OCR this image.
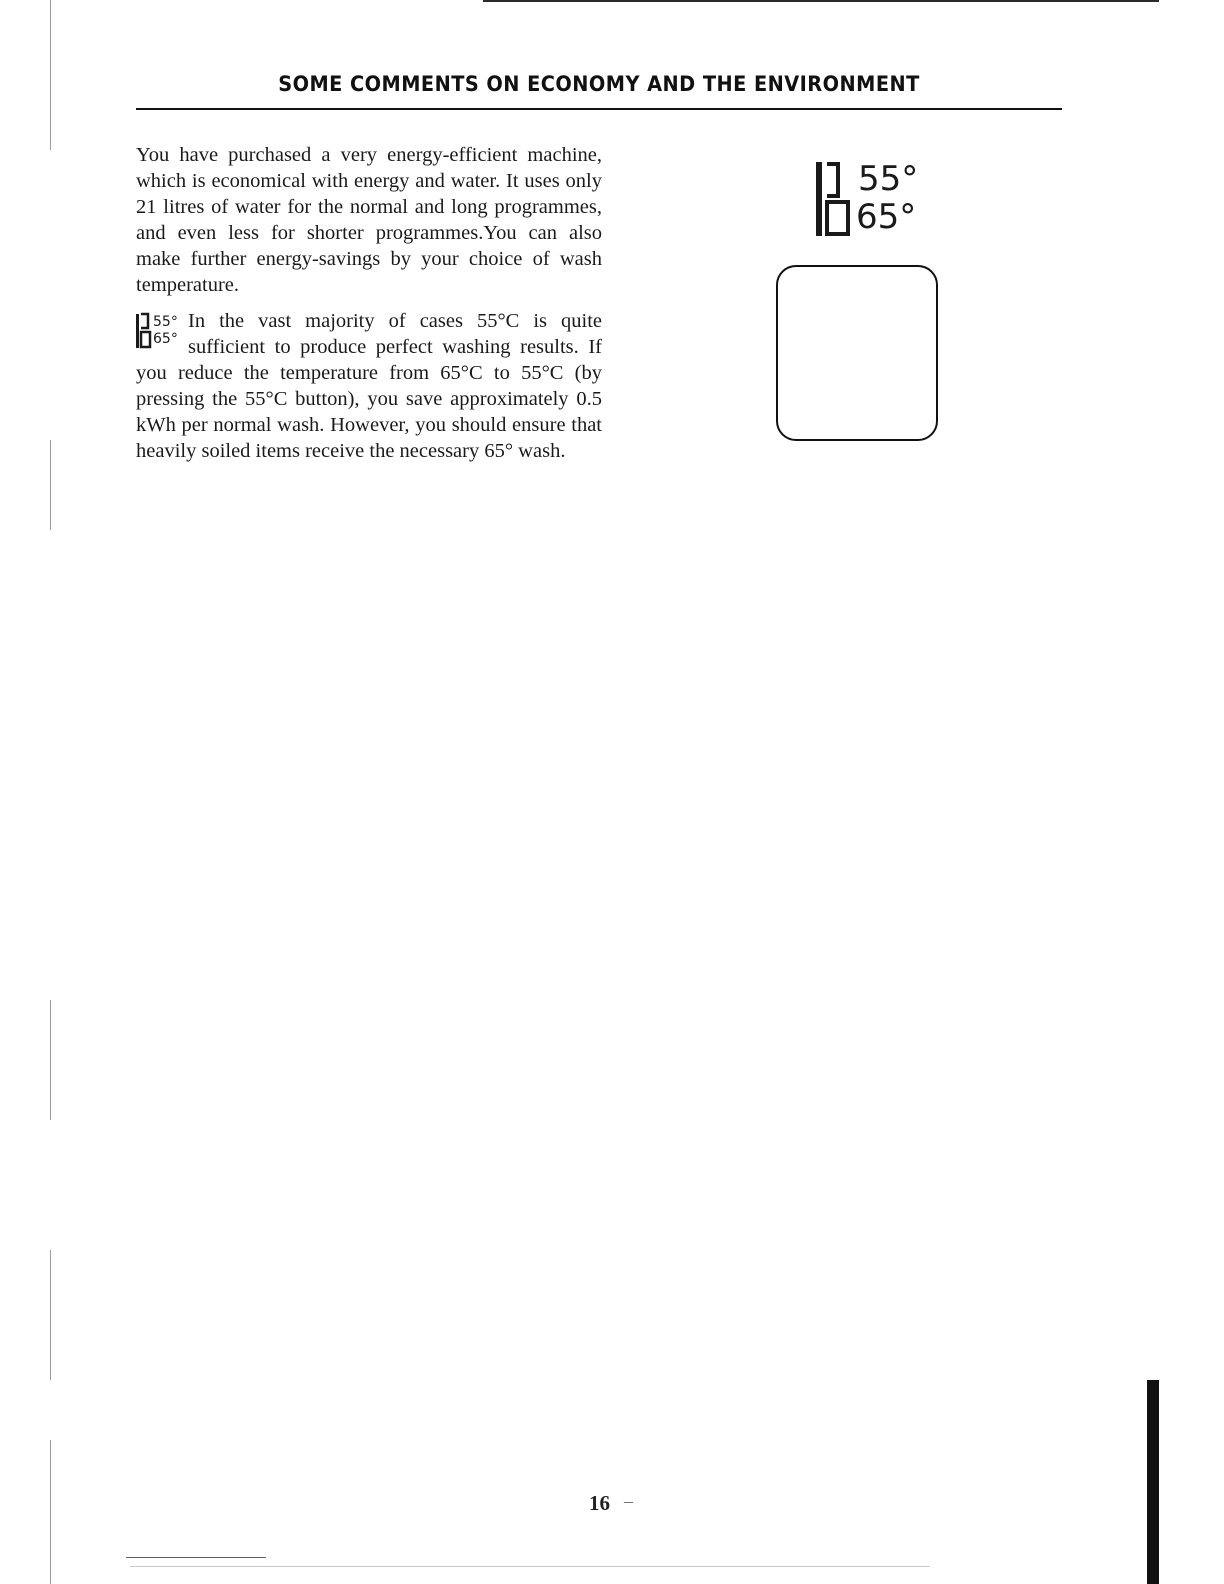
SOME COMMENTS ON ECONOMY AND THE ENVIRONMENT

You have purchased a very energy-efficient machine, which is economical with energy and water. It uses only 21 litres of water for the normal and long programmes, and even less for shorter programmes.You can also make further energy-savings by your choice of wash temperature.

55°
65°
In the vast majority of cases 55°C is quite sufficient to produce perfect washing results. If you reduce the temperature from 65°C to 55°C (by pressing the 55°C button), you save approximately 0.5 kWh per normal wash. However, you should ensure that heavily soiled items receive the necessary 65° wash.

55°
65°
16 –
